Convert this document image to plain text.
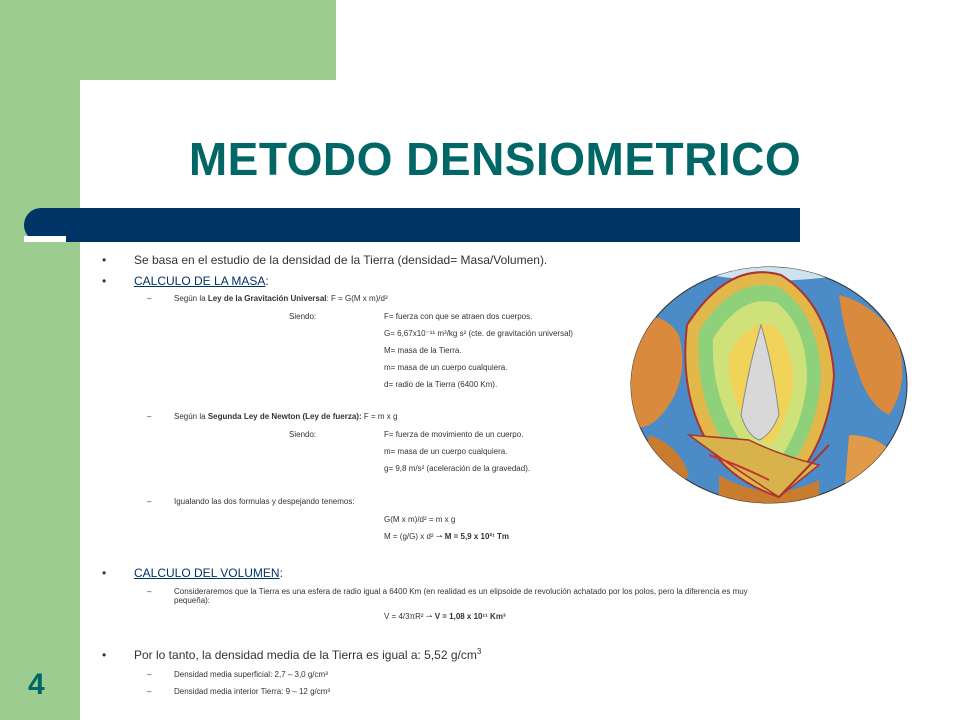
METODO DENSIOMETRICO
• Se basa en el estudio de la densidad de la Tierra (densidad= Masa/Volumen).
• CALCULO DE LA MASA:
–	Según la Ley de la Gravitación Universal: F = G(M x m)/d²
Siendo:	F= fuerza con que se atraen dos cuerpos.
G= 6,67x10⁻¹¹ m³/kg s² (cte. de gravitación universal)
M= masa de la Tierra.
m= masa de un cuerpo cualquiera.
d= radio de la Tierra (6400 Km).
–	Según la Segunda Ley de Newton (Ley de fuerza): F = m x g
Siendo:	F= fuerza de movimiento de un cuerpo.
m= masa de un cuerpo cualquiera.
g= 9,8 m/s² (aceleración de la gravedad).
–	Igualando las dos formulas y despejando tenemos:
G(M x m)/d² = m x g
M = (g/G) x d² ⇀ M = 5,9 x 10²¹ Tm
• CALCULO DEL VOLUMEN:
–	Consideraremos que la Tierra es una esfera de radio igual a 6400 Km (en realidad es un elipsoide de revolución achatado por los polos, pero la diferencia es muy
pequeña):
V = 4/3πR² ⇀ V = 1,08 x 10¹¹ Km³
• Por lo tanto, la densidad media de la Tierra es igual a: 5,52 $g/cm^3$
–	Densidad media superficial: 2,7 – 3,0 g/cm³
–	Densidad media interior Tierra: 9 – 12 g/cm³
4
